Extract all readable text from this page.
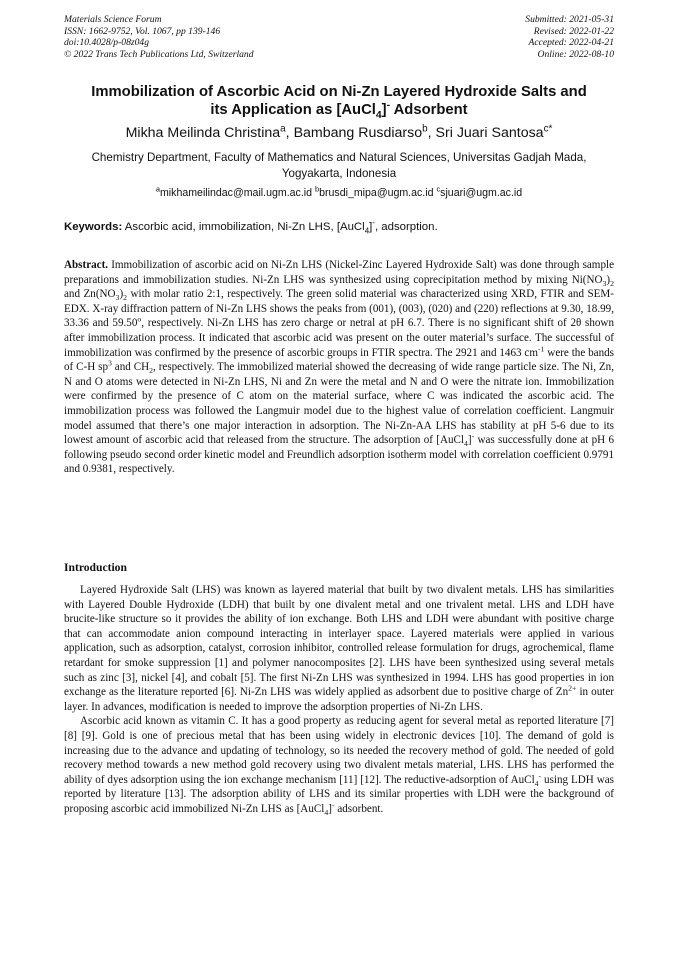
Materials Science Forum
ISSN: 1662-9752, Vol. 1067, pp 139-146
doi:10.4028/p-08z04g
© 2022 Trans Tech Publications Ltd, Switzerland
Submitted: 2021-05-31
Revised: 2022-01-22
Accepted: 2022-04-21
Online: 2022-08-10
Immobilization of Ascorbic Acid on Ni-Zn Layered Hydroxide Salts and
its Application as [AuCl$_4$]- Adsorbent
Mikha Meilinda Christina$^a$, Bambang Rusdiarso$^b$, Sri Juari Santosa$^{c*}$
Chemistry Department, Faculty of Mathematics and Natural Sciences, Universitas Gadjah Mada,
Yogyakarta, Indonesia
$^a$mikhameilindac@mail.ugm.ac.id $^b$brusdi_mipa@ugm.ac.id $^c$sjuari@ugm.ac.id
Keywords: Ascorbic acid, immobilization, Ni-Zn LHS, [AuCl$_4$]-, adsorption.
Abstract. Immobilization of ascorbic acid on Ni-Zn LHS (Nickel-Zinc Layered Hydroxide Salt) was done through sample preparations and immobilization studies. Ni-Zn LHS was synthesized using coprecipitation method by mixing $Ni(NO_3)_2$ and $Zn(NO_3)_2$ with molar ratio 2:1, respectively. The green solid material was characterized using XRD, FTIR and SEM-EDX. X-ray diffraction pattern of Ni-Zn LHS shows the peaks from (001), (003), (020) and (220) reflections at 9.30, 18.99, 33.36 and 59.50$^o$, respectively. Ni-Zn LHS has zero charge or netral at pH 6.7. There is no significant shift of 2θ shown after immobilization process. It indicated that ascorbic acid was present on the outer material’s surface. The successful of immobilization was confirmed by the presence of ascorbic groups in FTIR spectra. The 2921 and 1463 $cm^{-1}$ were the bands of C-H $sp^3$ and $CH_2$, respectively. The immobilized material showed the decreasing of wide range particle size. The Ni, Zn, N and O atoms were detected in Ni-Zn LHS, Ni and Zn were the metal and N and O were the nitrate ion. Immobilization were confirmed by the presence of C atom on the material surface, where C was indicated the ascorbic acid. The immobilization process was followed the Langmuir model due to the highest value of correlation coefficient. Langmuir model assumed that there’s one major interaction in adsorption. The Ni-Zn-AA LHS has stability at pH 5-6 due to its lowest amount of ascorbic acid that released from the structure. The adsorption of [AuCl$_4$]- was successfully done at pH 6 following pseudo second order kinetic model and Freundlich adsorption isotherm model with correlation coefficient 0.9791 and 0.9381, respectively.
Introduction

Layered Hydroxide Salt (LHS) was known as layered material that built by two divalent metals. LHS has similarities with Layered Double Hydroxide (LDH) that built by one divalent metal and one trivalent metal. LHS and LDH have brucite-like structure so it provides the ability of ion exchange. Both LHS and LDH were abundant with positive charge that can accommodate anion compound interacting in interlayer space. Layered materials were applied in various application, such as adsorption, catalyst, corrosion inhibitor, controlled release formulation for drugs, agrochemical, flame retardant for smoke suppression [1] and polymer nanocomposites [2]. LHS have been synthesized using several metals such as zinc [3], nickel [4], and cobalt [5]. The first Ni-Zn LHS was synthesized in 1994. LHS has good properties in ion exchange as the literature reported [6]. Ni-Zn LHS was widely applied as adsorbent due to positive charge of $Zn^{2+}$ in outer layer. In advances, modification is needed to improve the adsorption properties of Ni-Zn LHS.

Ascorbic acid known as vitamin C. It has a good property as reducing agent for several metal as reported literature [7] [8] [9]. Gold is one of precious metal that has been using widely in electronic devices [10]. The demand of gold is increasing due to the advance and updating of technology, so its needed the recovery method of gold. The needed of gold recovery method towards a new method gold recovery using two divalent metals material, LHS. LHS has performed the ability of dyes adsorption using the ion exchange mechanism [11] [12]. The reductive-adsorption of AuCl$_4$- using LDH was reported by literature [13]. The adsorption ability of LHS and its similar properties with LDH were the background of proposing ascorbic acid immobilized Ni-Zn LHS as [AuCl$_4$]- adsorbent.
